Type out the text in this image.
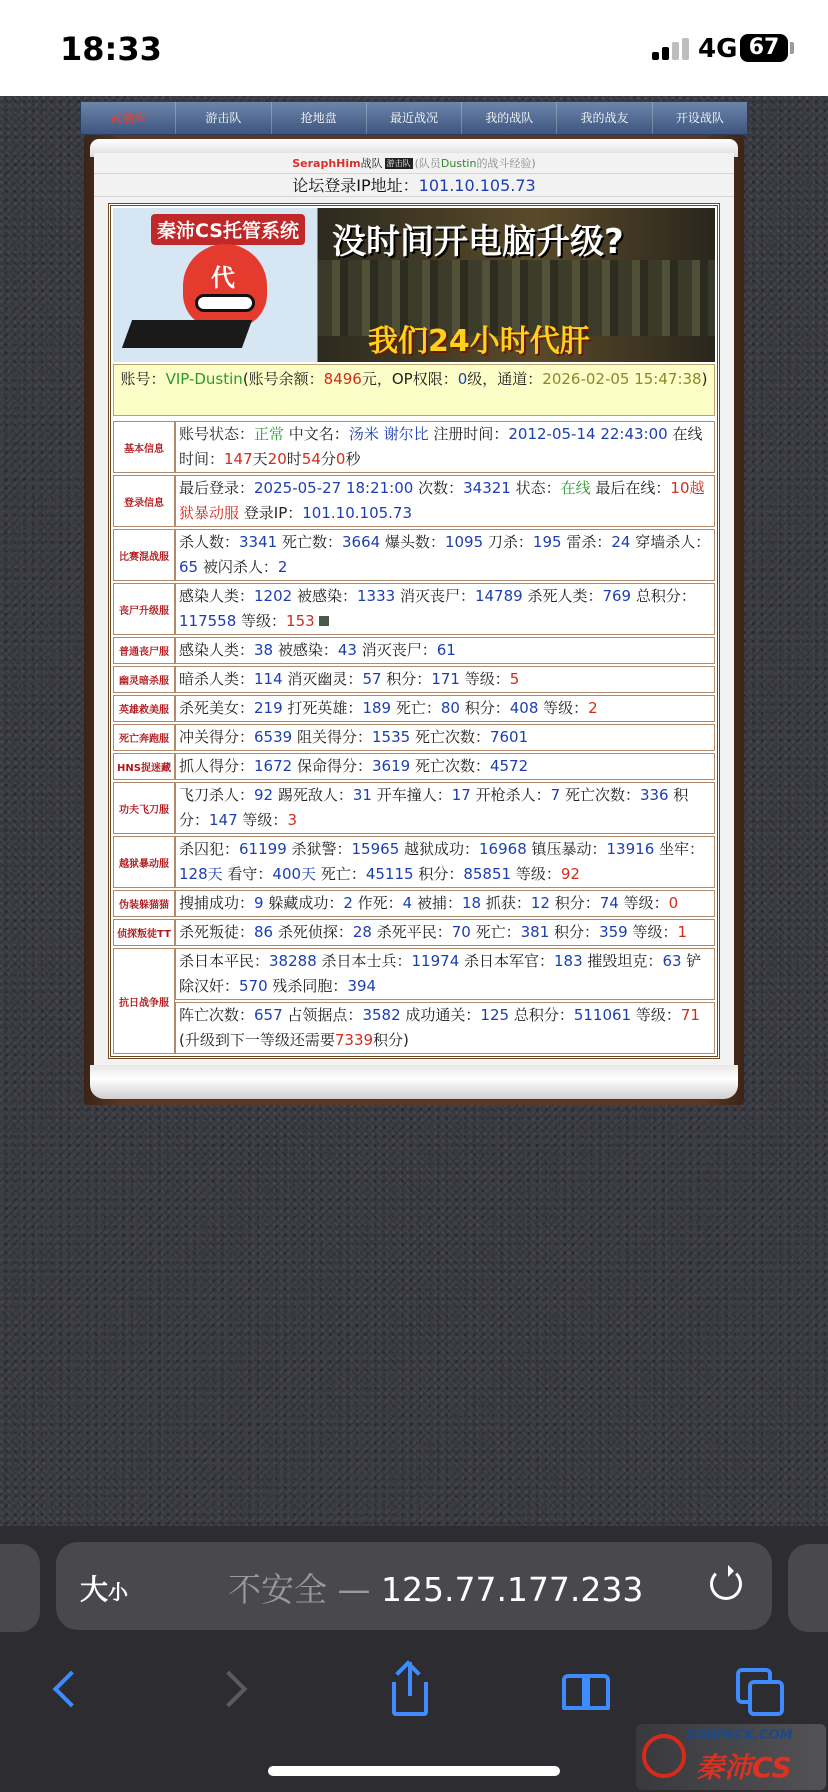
18:33	4G 67
武装库	游击队	抢地盘	最近战况	我的战队	我的战友	开设战队
SeraphHim战队 游击队 (队员Dustin的战斗经验)
论坛登录IP地址：101.10.105.73
秦沛CS托管系统
代
没时间开电脑升级?
我们24小时代肝
账号：VIP-Dustin(账号余额：8496元，OP权限：0级，通道：2026-02-05 15:47:38)
基本信息	账号状态：正常 中文名：汤米 谢尔比 注册时间：2012-05-14 22:43:00 在线时间：147天20时54分0秒
登录信息	最后登录：2025-05-27 18:21:00 次数：34321 状态：在线 最后在线：10越狱暴动服 登录IP：101.10.105.73
比赛混战服	杀人数：3341 死亡数：3664 爆头数：1095 刀杀：195 雷杀：24 穿墙杀人：65 被闪杀人：2
丧尸升级服	感染人类：1202 被感染：1333 消灭丧尸：14789 杀死人类：769 总积分：117558 等级：153
普通丧尸服	感染人类：38 被感染：43 消灭丧尸：61
幽灵暗杀服	暗杀人类：114 消灭幽灵：57 积分：171 等级：5
英雄救美服	杀死美女：219 打死英雄：189 死亡：80 积分：408 等级：2
死亡奔跑服	冲关得分：6539 阻关得分：1535 死亡次数：7601
HNS捉迷藏	抓人得分：1672 保命得分：3619 死亡次数：4572
功夫飞刀服	飞刀杀人：92 踢死敌人：31 开车撞人：17 开枪杀人：7 死亡次数：336 积分：147 等级：3
越狱暴动服	杀囚犯：61199 杀狱警：15965 越狱成功：16968 镇压暴动：13916 坐牢：128天 看守：400天 死亡：45115 积分：85851 等级：92
伪装躲猫猫	搜捕成功：9 躲藏成功：2 作死：4 被捕：18 抓获：12 积分：74 等级：0
侦探叛徒TT	杀死叛徒：86 杀死侦探：28 杀死平民：70 死亡：381 积分：359 等级：1
抗日战争服	杀日本平民：38288 杀日本士兵：11974 杀日本军官：183 摧毁坦克：63 铲除汉奸：570 残杀同胞：394
	阵亡次数：657 占领据点：3582 成功通关：125 总积分：511061 等级：71
(升级到下一等级还需要7339积分)
大小	不安全 — 125.77.177.233
SORPACK.COM
秦沛CS
